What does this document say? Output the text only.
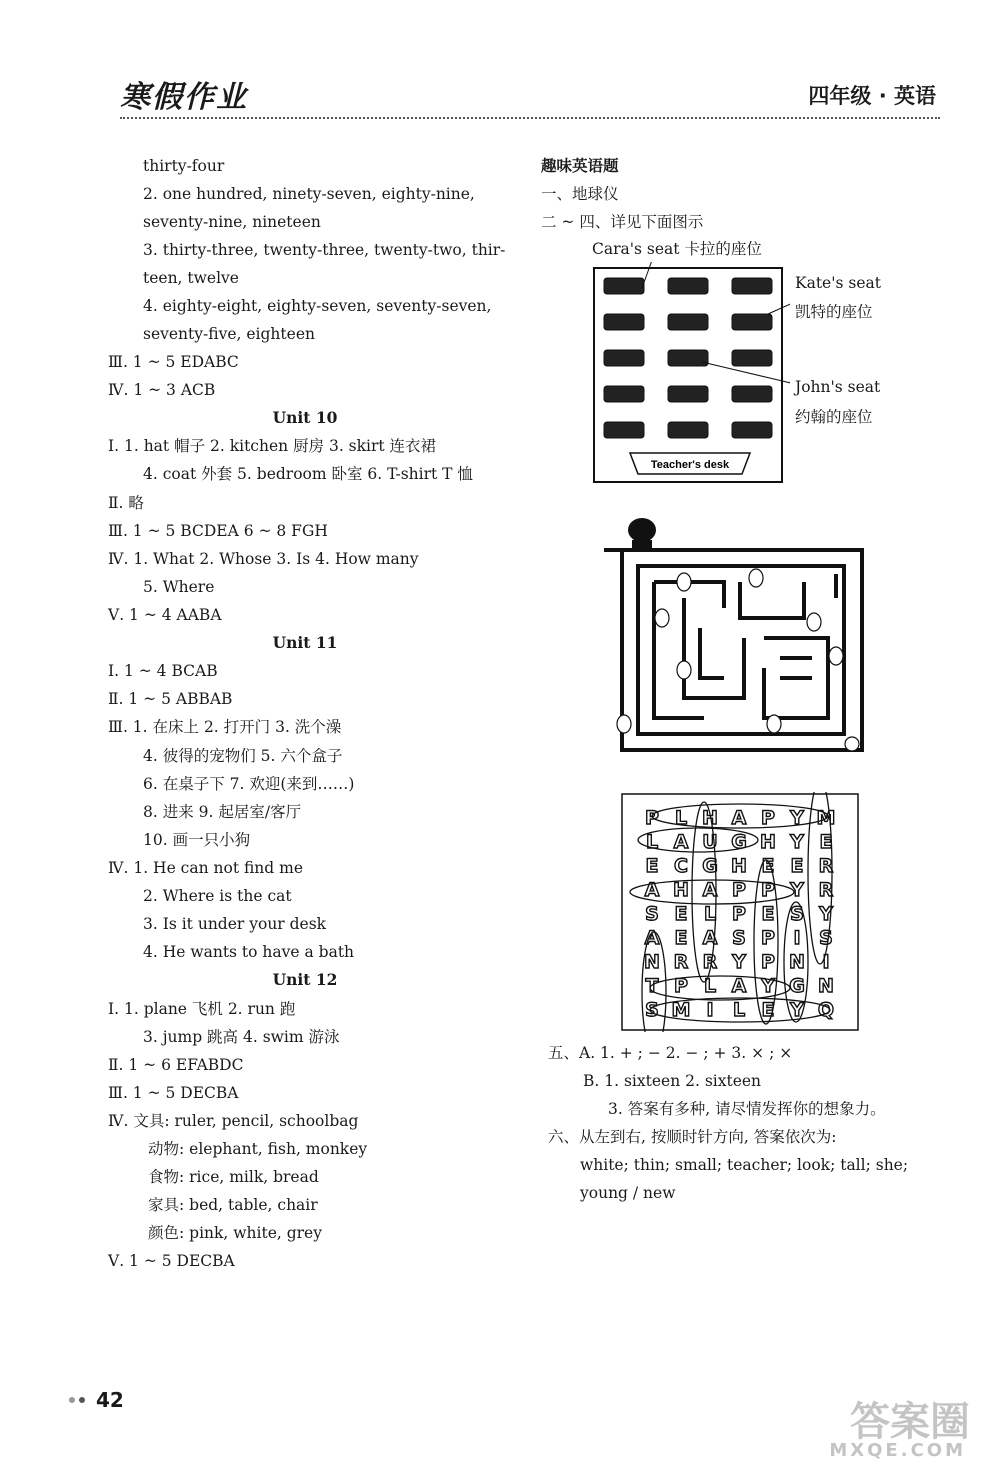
寒假作业	四年级 · 英语
thirty-four
2. one hundred, ninety-seven, eighty-nine,
seventy-nine, nineteen
3. thirty-three, twenty-three, twenty-two, thir-
teen, twelve
4. eighty-eight, eighty-seven, seventy-seven,
seventy-five, eighteen
Ⅲ. 1 ~ 5 EDABC
Ⅳ. 1 ~ 3 ACB
Unit 10
Ⅰ. 1. hat 帽子 2. kitchen 厨房 3. skirt 连衣裙
4. coat 外套 5. bedroom 卧室 6. T-shirt T 恤
Ⅱ. 略
Ⅲ. 1 ~ 5 BCDEA 6 ~ 8 FGH
Ⅳ. 1. What 2. Whose 3. Is 4. How many
5. Where
Ⅴ. 1 ~ 4 AABA
Unit 11
Ⅰ. 1 ~ 4 BCAB
Ⅱ. 1 ~ 5 ABBAB
Ⅲ. 1. 在床上 2. 打开门 3. 洗个澡
4. 彼得的宠物们 5. 六个盒子
6. 在桌子下 7. 欢迎(来到……)
8. 进来 9. 起居室/客厅
10. 画一只小狗
Ⅳ. 1. He can not find me
2. Where is the cat
3. Is it under your desk
4. He wants to have a bath
Unit 12
Ⅰ. 1. plane 飞机 2. run 跑
3. jump 跳高 4. swim 游泳
Ⅱ. 1 ~ 6 EFABDC
Ⅲ. 1 ~ 5 DECBA
Ⅳ. 文具: ruler, pencil, schoolbag
动物: elephant, fish, monkey
食物: rice, milk, bread
家具: bed, table, chair
颜色: pink, white, grey
Ⅴ. 1 ~ 5 DECBA
趣味英语题
一、地球仪
二 ~ 四、详见下面图示
Cara's seat 卡拉的座位
Kate's seat
凯特的座位
John's seat
约翰的座位
Teacher's desk
P L H A P Y M
L A U G H Y E
E C G H E E R
A H A P P Y R
S E L P E S Y
A E A S P I S
N R R Y P N I
T P L A Y G N
S M I L E Y Q
五、A. 1. + ; − 2. − ; + 3. × ; ×
B. 1. sixteen 2. sixteen
3. 答案有多种, 请尽情发挥你的想象力。
六、从左到右, 按顺时针方向, 答案依次为:
white; thin; small; teacher; look; tall; she;
young / new
42	答案圈
MXQE.COM
